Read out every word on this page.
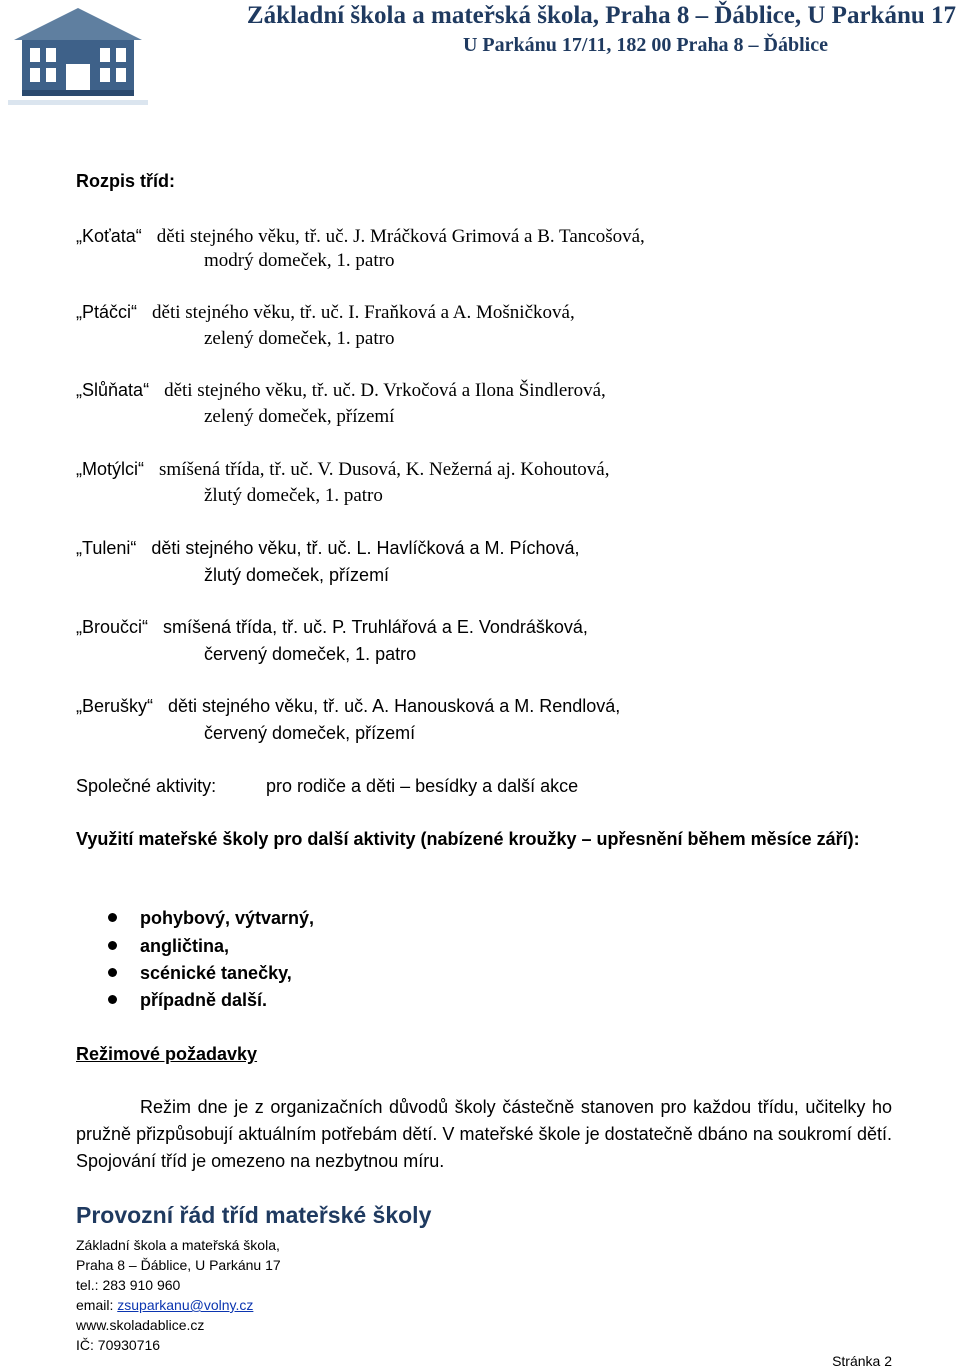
Základní škola a mateřská škola, Praha 8 – Ďáblice, U Parkánu 17
U Parkánu 17/11, 182 00 Praha 8 – Ďáblice
Rozpis tříd:
„Koťata“   děti stejného věku, tř. uč. J. Mráčková Grimová a B. Tancošová,
modrý domeček, 1. patro
„Ptáčci“   děti stejného věku, tř. uč. I. Fraňková a A. Mošničková,
zelený domeček, 1. patro
„Slůňata“   děti stejného věku, tř. uč. D. Vrkočová a Ilona Šindlerová,
zelený domeček, přízemí
„Motýlci“   smíšená třída, tř. uč. V. Dusová, K. Nežerná aj. Kohoutová,
žlutý domeček, 1. patro
„Tuleni“   děti stejného věku, tř. uč. L. Havlíčková a M. Píchová,
žlutý domeček, přízemí
„Broučci“   smíšená třída, tř. uč. P. Truhlářová a E. Vondrášková,
červený domeček, 1. patro
„Berušky“   děti stejného věku, tř. uč. A. Hanousková a M. Rendlová,
červený domeček, přízemí
Společné aktivity:	pro rodiče a děti – besídky a další akce
Využití mateřské školy pro další aktivity (nabízené kroužky – upřesnění během měsíce září):
pohybový, výtvarný,
angličtina,
scénické tanečky,
případně další.
Režimové požadavky
Režim dne je z organizačních důvodů školy částečně stanoven pro každou třídu, učitelky ho pružně přizpůsobují aktuálním potřebám dětí. V mateřské škole je dostatečně dbáno na soukromí dětí. Spojování tříd je omezeno na nezbytnou míru.
Provozní řád tříd mateřské školy
Základní škola a mateřská škola,
Praha 8 – Ďáblice, U Parkánu 17
tel.: 283 910 960
email: zsuparkanu@volny.cz
www.skoladablice.cz
IČ: 70930716
Stránka 2
